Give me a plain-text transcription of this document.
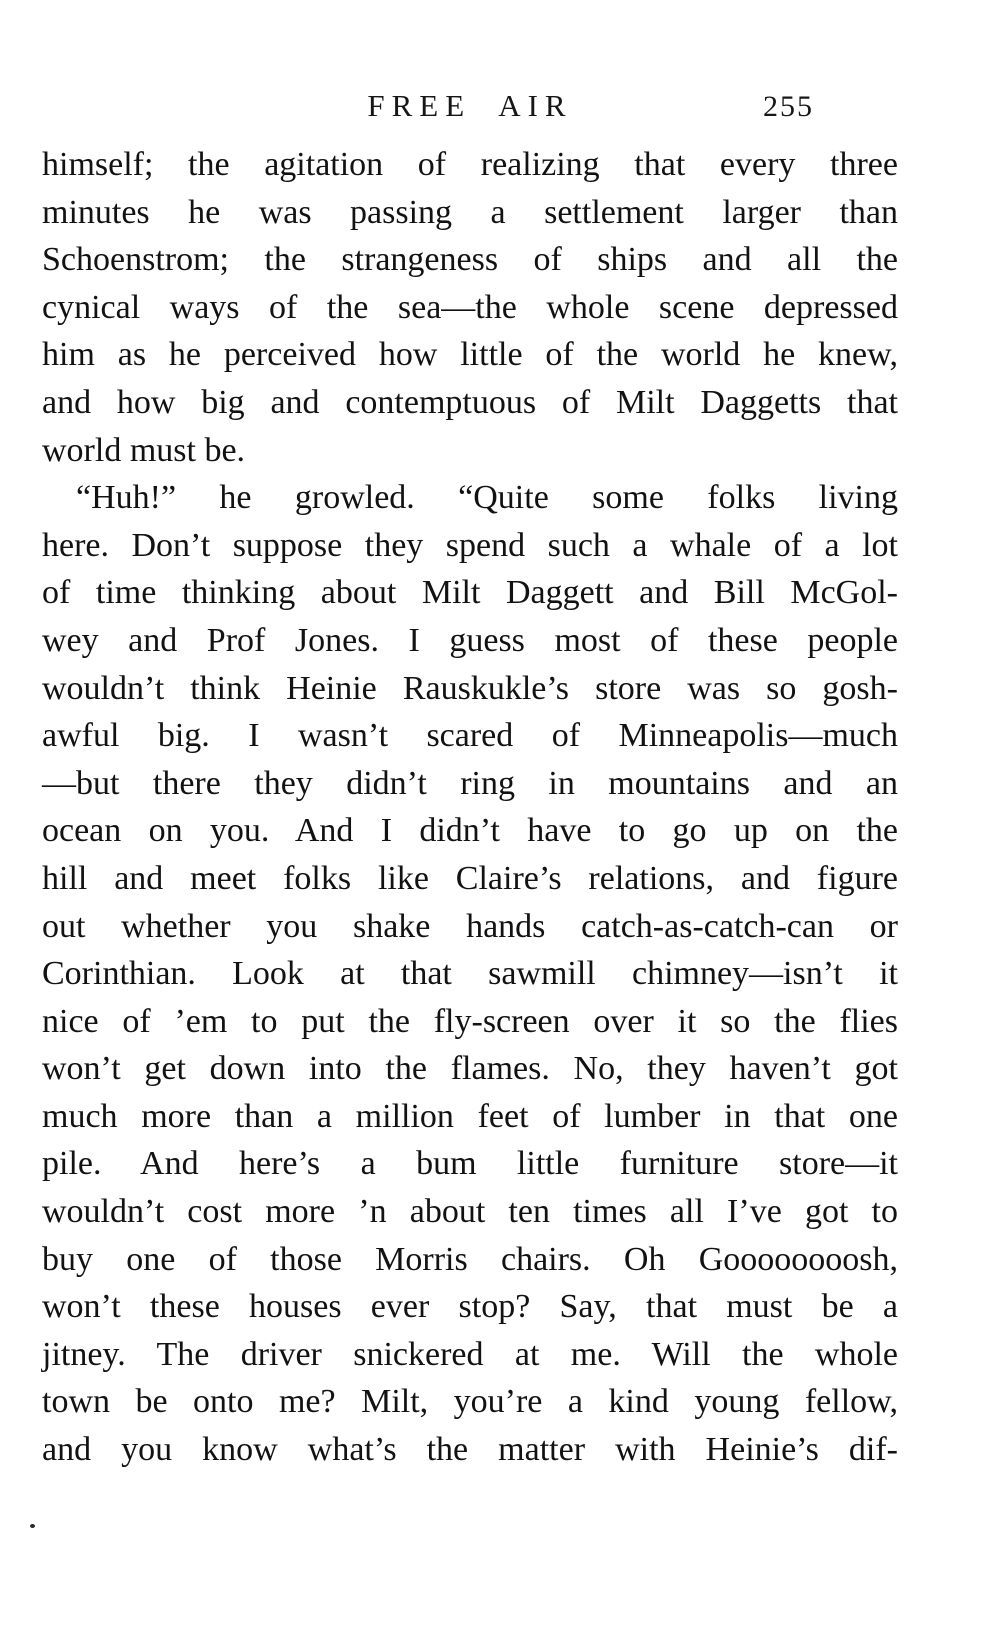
FREE AIR	255
himself; the agitation of realizing that every three
minutes he was passing a settlement larger than
Schoenstrom; the strangeness of ships and all the
cynical ways of the sea—the whole scene depressed
him as he perceived how little of the world he knew,
and how big and contemptuous of Milt Daggetts that
world must be.
“Huh!” he growled. “Quite some folks living
here. Don’t suppose they spend such a whale of a lot
of time thinking about Milt Daggett and Bill McGol-
wey and Prof Jones. I guess most of these people
wouldn’t think Heinie Rauskukle’s store was so gosh-
awful big. I wasn’t scared of Minneapolis—much
—but there they didn’t ring in mountains and an
ocean on you. And I didn’t have to go up on the
hill and meet folks like Claire’s relations, and figure
out whether you shake hands catch-as-catch-can or
Corinthian. Look at that sawmill chimney—isn’t it
nice of ’em to put the fly-screen over it so the flies
won’t get down into the flames. No, they haven’t got
much more than a million feet of lumber in that one
pile. And here’s a bum little furniture store—it
wouldn’t cost more ’n about ten times all I’ve got to
buy one of those Morris chairs. Oh Goooooooosh,
won’t these houses ever stop? Say, that must be a
jitney. The driver snickered at me. Will the whole
town be onto me? Milt, you’re a kind young fellow,
and you know what’s the matter with Heinie’s dif-
